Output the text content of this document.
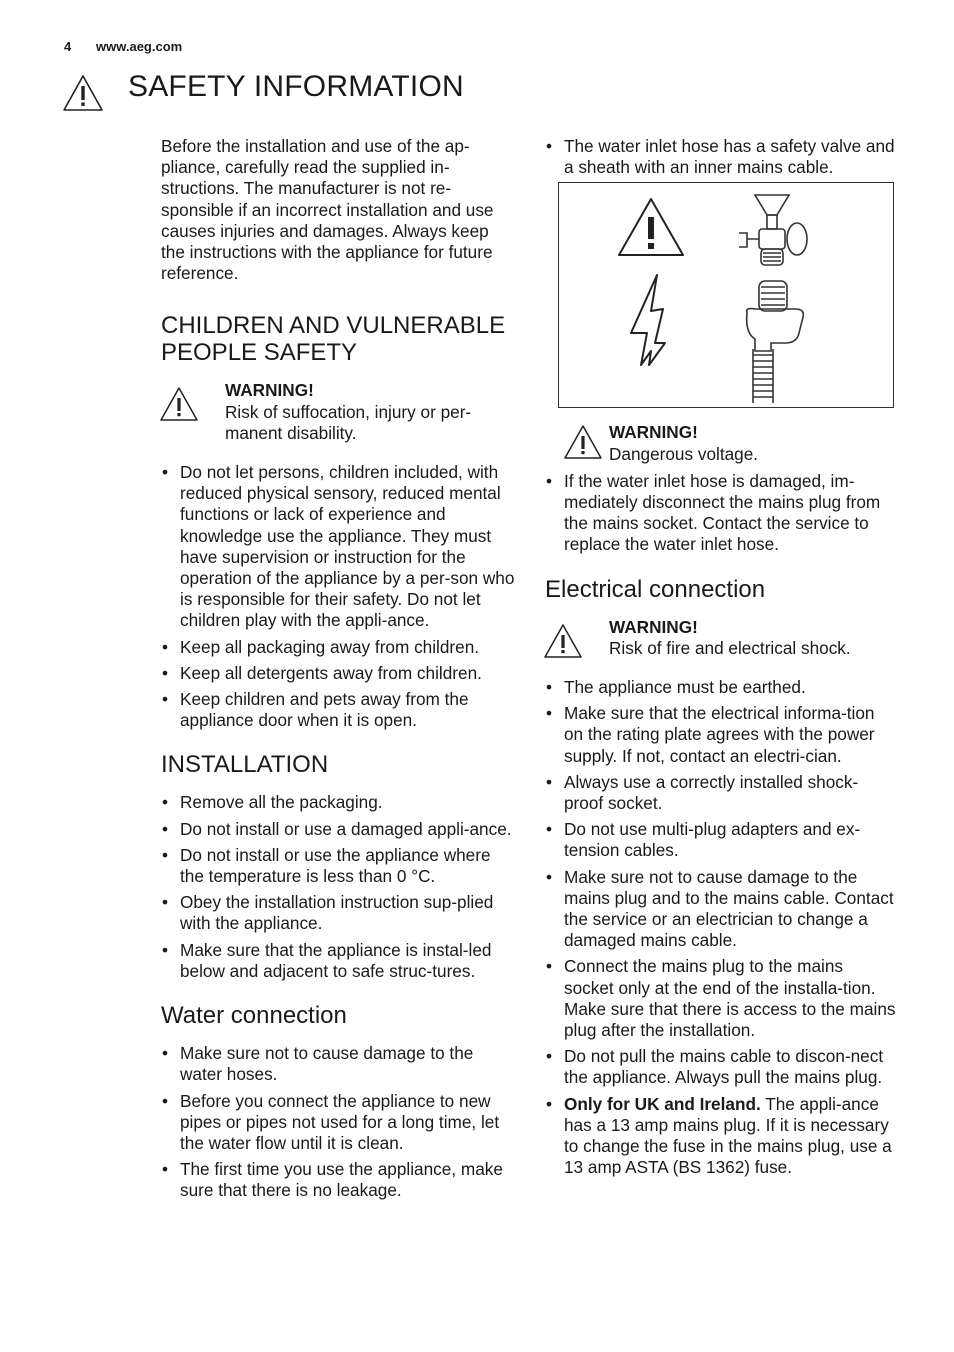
4 www.aeg.com
SAFETY INFORMATION

Before the installation and use of the ap-pliance, carefully read the supplied in-structions. The manufacturer is not re-sponsible if an incorrect installation and use causes injuries and damages. Always keep the instructions with the appliance for future reference.

CHILDREN AND VULNERABLE PEOPLE SAFETY
WARNING!
Risk of suffocation, injury or per-manent disability.
• Do not let persons, children included, with reduced physical sensory, reduced mental functions or lack of experience and knowledge use the appliance. They must have supervision or instruction for the operation of the appliance by a per-son who is responsible for their safety. Do not let children play with the appli-ance.
• Keep all packaging away from children.
• Keep all detergents away from children.
• Keep children and pets away from the appliance door when it is open.
INSTALLATION
• Remove all the packaging.
• Do not install or use a damaged appli-ance.
• Do not install or use the appliance where the temperature is less than 0 °C.
• Obey the installation instruction sup-plied with the appliance.
• Make sure that the appliance is instal-led below and adjacent to safe struc-tures.
Water connection
• Make sure not to cause damage to the water hoses.
• Before you connect the appliance to new pipes or pipes not used for a long time, let the water flow until it is clean.
• The first time you use the appliance, make sure that there is no leakage.
• The water inlet hose has a safety valve and a sheath with an inner mains cable.
WARNING!
Dangerous voltage.
• If the water inlet hose is damaged, im-mediately disconnect the mains plug from the mains socket. Contact the service to replace the water inlet hose.
Electrical connection
WARNING!
Risk of fire and electrical shock.
• The appliance must be earthed.
• Make sure that the electrical informa-tion on the rating plate agrees with the power supply. If not, contact an electri-cian.
• Always use a correctly installed shock-proof socket.
• Do not use multi-plug adapters and ex-tension cables.
• Make sure not to cause damage to the mains plug and to the mains cable. Contact the service or an electrician to change a damaged mains cable.
• Connect the mains plug to the mains socket only at the end of the installa-tion. Make sure that there is access to the mains plug after the installation.
• Do not pull the mains cable to discon-nect the appliance. Always pull the mains plug.
• Only for UK and Ireland. The appli-ance has a 13 amp mains plug. If it is necessary to change the fuse in the mains plug, use a 13 amp ASTA (BS 1362) fuse.
